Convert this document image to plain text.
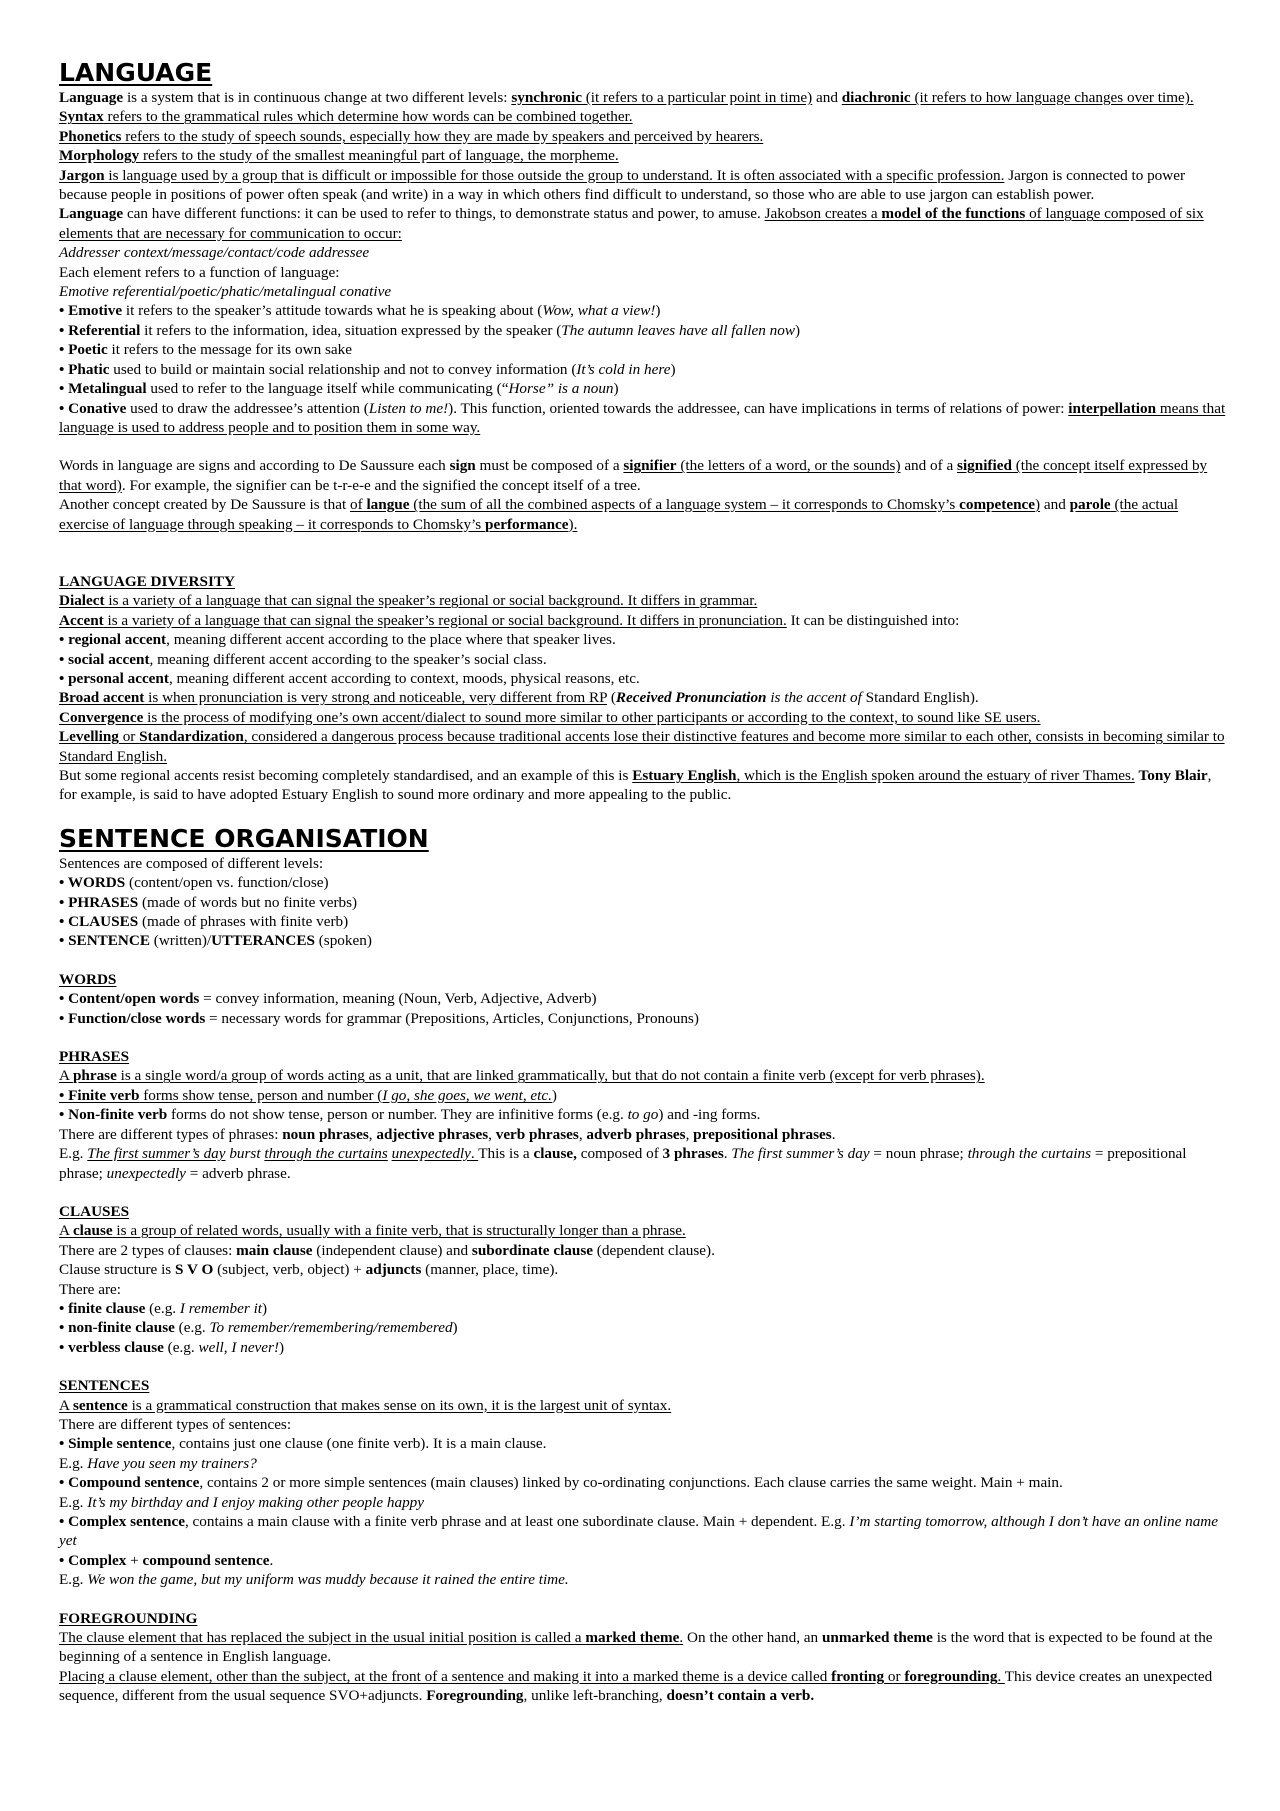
LANGUAGE

Language is a system that is in continuous change at two different levels: synchronic (it refers to a particular point in time) and diachronic (it refers to how language changes over time).

Syntax refers to the grammatical rules which determine how words can be combined together.

Phonetics refers to the study of speech sounds, especially how they are made by speakers and perceived by hearers.

Morphology refers to the study of the smallest meaningful part of language, the morpheme.

Jargon is language used by a group that is difficult or impossible for those outside the group to understand. It is often associated with a specific profession. Jargon is connected to power because people in positions of power often speak (and write) in a way in which others find difficult to understand, so those who are able to use jargon can establish power.

Language can have different functions: it can be used to refer to things, to demonstrate status and power, to amuse. Jakobson creates a model of the functions of language composed of six elements that are necessary for communication to occur:

Addresser context/message/contact/code addressee

Each element refers to a function of language:

Emotive referential/poetic/phatic/metalingual conative

• Emotive it refers to the speaker’s attitude towards what he is speaking about (Wow, what a view!)

• Referential it refers to the information, idea, situation expressed by the speaker (The autumn leaves have all fallen now)

• Poetic it refers to the message for its own sake

• Phatic used to build or maintain social relationship and not to convey information (It’s cold in here)

• Metalingual used to refer to the language itself while communicating (“Horse” is a noun)

• Conative used to draw the addressee’s attention (Listen to me!). This function, oriented towards the addressee, can have implications in terms of relations of power: interpellation means that language is used to address people and to position them in some way.

Words in language are signs and according to De Saussure each sign must be composed of a signifier (the letters of a word, or the sounds) and of a signified (the concept itself expressed by that word). For example, the signifier can be t-r-e-e and the signified the concept itself of a tree.

Another concept created by De Saussure is that of langue (the sum of all the combined aspects of a language system – it corresponds to Chomsky’s competence) and parole (the actual exercise of language through speaking – it corresponds to Chomsky’s performance).

LANGUAGE DIVERSITY

Dialect is a variety of a language that can signal the speaker’s regional or social background. It differs in grammar.

Accent is a variety of a language that can signal the speaker’s regional or social background. It differs in pronunciation. It can be distinguished into:

• regional accent, meaning different accent according to the place where that speaker lives.

• social accent, meaning different accent according to the speaker’s social class.

• personal accent, meaning different accent according to context, moods, physical reasons, etc.

Broad accent is when pronunciation is very strong and noticeable, very different from RP (Received Pronunciation is the accent of Standard English).

Convergence is the process of modifying one’s own accent/dialect to sound more similar to other participants or according to the context, to sound like SE users.

Levelling or Standardization, considered a dangerous process because traditional accents lose their distinctive features and become more similar to each other, consists in becoming similar to Standard English.

But some regional accents resist becoming completely standardised, and an example of this is Estuary English, which is the English spoken around the estuary of river Thames. Tony Blair, for example, is said to have adopted Estuary English to sound more ordinary and more appealing to the public.

SENTENCE ORGANISATION

Sentences are composed of different levels:

• WORDS (content/open vs. function/close)

• PHRASES (made of words but no finite verbs)

• CLAUSES (made of phrases with finite verb)

• SENTENCE (written)/UTTERANCES (spoken)

WORDS

• Content/open words = convey information, meaning (Noun, Verb, Adjective, Adverb)

• Function/close words = necessary words for grammar (Prepositions, Articles, Conjunctions, Pronouns)

PHRASES

A phrase is a single word/a group of words acting as a unit, that are linked grammatically, but that do not contain a finite verb (except for verb phrases).

• Finite verb forms show tense, person and number (I go, she goes, we went, etc.)

• Non-finite verb forms do not show tense, person or number. They are infinitive forms (e.g. to go) and -ing forms.

There are different types of phrases: noun phrases, adjective phrases, verb phrases, adverb phrases, prepositional phrases.

E.g. The first summer’s day burst through the curtains unexpectedly. This is a clause, composed of 3 phrases. The first summer’s day = noun phrase; through the curtains = prepositional phrase; unexpectedly = adverb phrase.

CLAUSES

A clause is a group of related words, usually with a finite verb, that is structurally longer than a phrase.

There are 2 types of clauses: main clause (independent clause) and subordinate clause (dependent clause).

Clause structure is S V O (subject, verb, object) + adjuncts (manner, place, time).

There are:

• finite clause (e.g. I remember it)

• non-finite clause (e.g. To remember/remembering/remembered)

• verbless clause (e.g. well, I never!)

SENTENCES

A sentence is a grammatical construction that makes sense on its own, it is the largest unit of syntax.

There are different types of sentences:

• Simple sentence, contains just one clause (one finite verb). It is a main clause.

E.g. Have you seen my trainers?

• Compound sentence, contains 2 or more simple sentences (main clauses) linked by co-ordinating conjunctions. Each clause carries the same weight. Main + main.

E.g. It’s my birthday and I enjoy making other people happy

• Complex sentence, contains a main clause with a finite verb phrase and at least one subordinate clause. Main + dependent. E.g. I’m starting tomorrow, although I don’t have an online name yet

• Complex + compound sentence.

E.g. We won the game, but my uniform was muddy because it rained the entire time.

FOREGROUNDING

The clause element that has replaced the subject in the usual initial position is called a marked theme. On the other hand, an unmarked theme is the word that is expected to be found at the beginning of a sentence in English language.

Placing a clause element, other than the subject, at the front of a sentence and making it into a marked theme is a device called fronting or foregrounding. This device creates an unexpected sequence, different from the usual sequence SVO+adjuncts. Foregrounding, unlike left-branching, doesn’t contain a verb.
